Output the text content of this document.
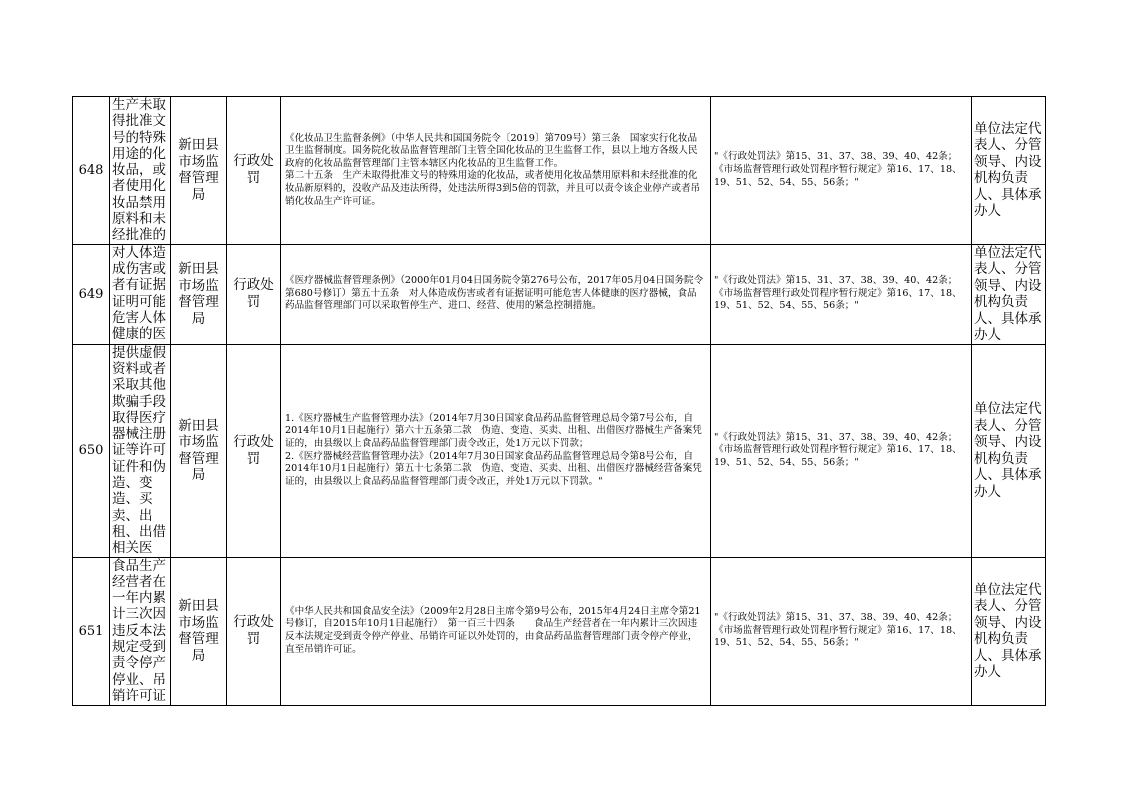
648	生产未取得批准文号的特殊用途的化妆品，或者使用化妆品禁用原料和未经批准的	新田县市场监督管理局	行政处罚	《化妆品卫生监督条例》（中华人民共和国国务院令〔2019〕第709号）第三条　国家实行化妆品卫生监督制度。国务院化妆品监督管理部门主管全国化妆品的卫生监督工作，县以上地方各级人民政府的化妆品监督管理部门主管本辖区内化妆品的卫生监督工作。
第二十五条　生产未取得批准文号的特殊用途的化妆品，或者使用化妆品禁用原料和未经批准的化妆品新原料的，没收产品及违法所得，处违法所得3到5倍的罚款，并且可以责令该企业停产或者吊销化妆品生产许可证。	"《行政处罚法》第15、31、37、38、39、40、42条；《市场监督管理行政处罚程序暂行规定》第16、17、18、19、51、52、54、55、56条；"	单位法定代表人、分管领导、内设机构负责人、具体承办人
649	对人体造成伤害或者有证据证明可能危害人体健康的医	新田县市场监督管理局	行政处罚	《医疗器械监督管理条例》（2000年01月04日国务院令第276号公布，2017年05月04日国务院令第680号修订）第五十五条　对人体造成伤害或者有证据证明可能危害人体健康的医疗器械，食品药品监督管理部门可以采取暂停生产、进口、经营、使用的紧急控制措施。	"《行政处罚法》第15、31、37、38、39、40、42条；《市场监督管理行政处罚程序暂行规定》第16、17、18、19、51、52、54、55、56条；"	单位法定代表人、分管领导、内设机构负责人、具体承办人
650	提供虚假资料或者采取其他欺骗手段取得医疗器械注册证等许可证件和伪造、变造、买卖、出租、出借相关医	新田县市场监督管理局	行政处罚	1.《医疗器械生产监督管理办法》（2014年7月30日国家食品药品监督管理总局令第7号公布，自2014年10月1日起施行）第六十五条第二款　伪造、变造、买卖、出租、出借医疗器械生产备案凭证的，由县级以上食品药品监督管理部门责令改正，处1万元以下罚款；
2.《医疗器械经营监督管理办法》（2014年7月30日国家食品药品监督管理总局令第8号公布，自2014年10月1日起施行）第五十七条第二款　伪造、变造、买卖、出租、出借医疗器械经营备案凭证的，由县级以上食品药品监督管理部门责令改正，并处1万元以下罚款。"	"《行政处罚法》第15、31、37、38、39、40、42条；《市场监督管理行政处罚程序暂行规定》第16、17、18、19、51、52、54、55、56条；"	单位法定代表人、分管领导、内设机构负责人、具体承办人
651	食品生产经营者在一年内累计三次因违反本法规定受到责令停产停业、吊销许可证	新田县市场监督管理局	行政处罚	《中华人民共和国食品安全法》（2009年2月28日主席令第9号公布，2015年4月24日主席令第21号修订，自2015年10月1日起施行）　第一百三十四条　　食品生产经营者在一年内累计三次因违反本法规定受到责令停产停业、吊销许可证以外处罚的，由食品药品监督管理部门责令停产停业，直至吊销许可证。	"《行政处罚法》第15、31、37、38、39、40、42条；《市场监督管理行政处罚程序暂行规定》第16、17、18、19、51、52、54、55、56条；"	单位法定代表人、分管领导、内设机构负责人、具体承办人
